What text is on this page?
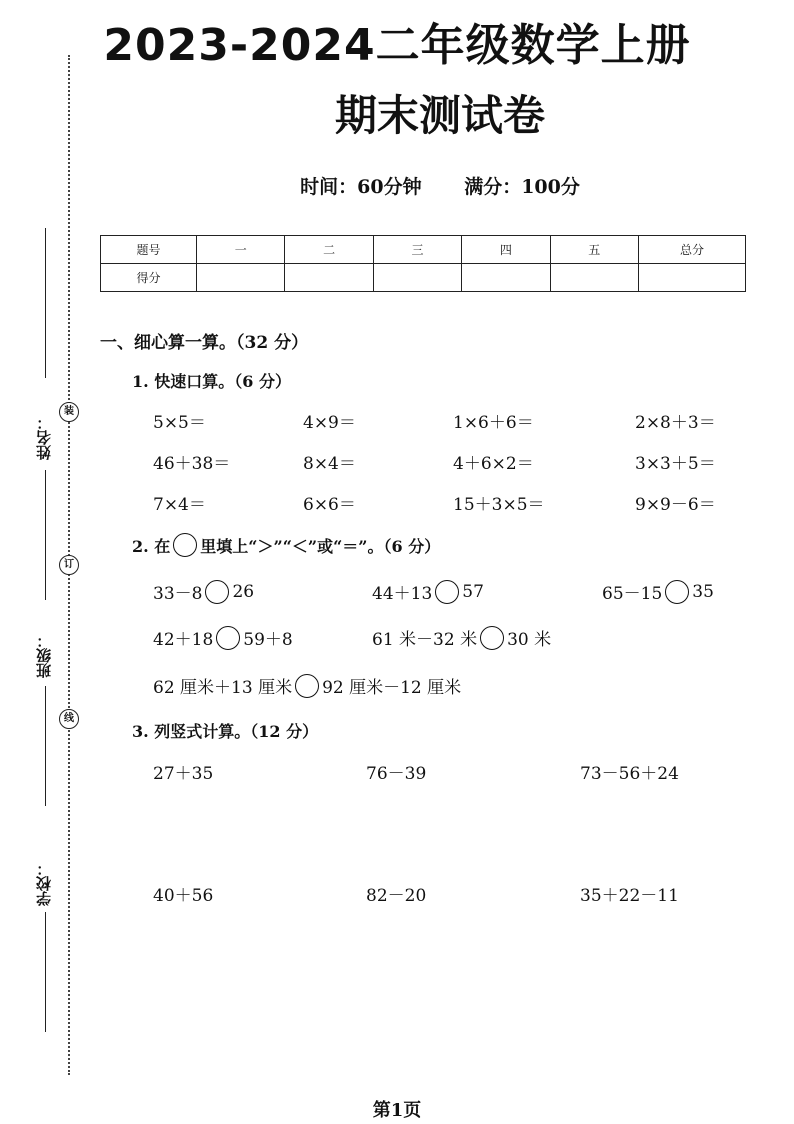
装
订
线
姓名：
班级：
学校：
2023-2024二年级数学上册
期末测试卷
时间：60分钟 满分：100分
题号	一	二	三	四	五	总分
得分						
一、细心算一算。（32 分）
1. 快速口算。（6 分）
5×5＝	4×9＝	1×6＋6＝	2×8＋3＝
46＋38＝	8×4＝	4＋6×2＝	3×3＋5＝
7×4＝	6×6＝	15＋3×5＝	9×9－6＝
2. 在 里填上“＞”“＜”或“＝”。（6 分）
33－8 26	44＋13 57	65－15 35
42＋18 59＋8	61 米－32 米 30 米
62 厘米＋13 厘米 92 厘米－12 厘米
3. 列竖式计算。（12 分）
27＋35	76－39	73－56＋24
40＋56	82－20	35＋22－11
第1页
